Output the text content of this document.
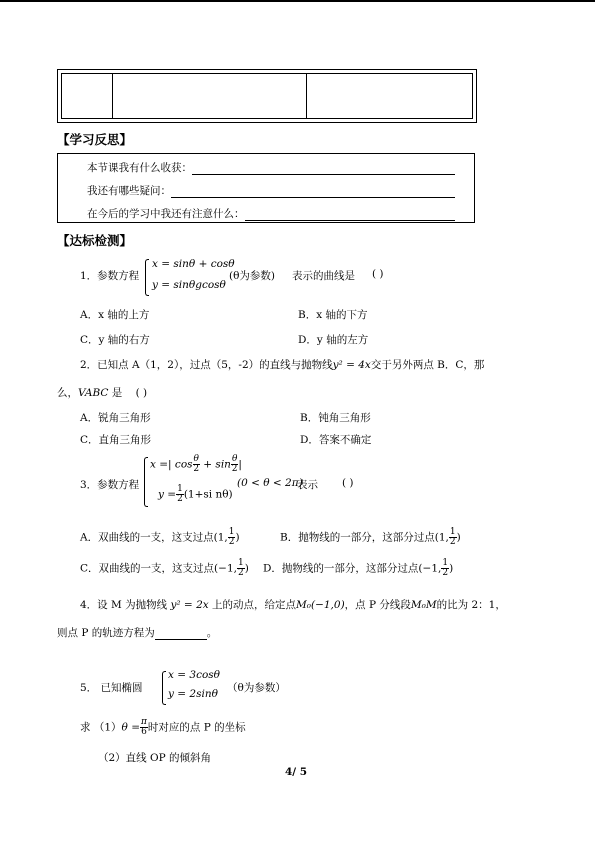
【学习反思】
本节课我有什么收获：
我还有哪些疑问：
在今后的学习中我还有注意什么：
【达标检测】
1．参数方程
x = sinθ + cosθ
y = sinθgcosθ
(θ为参数) 表示的曲线是 ( )
A．x 轴的上方	B．x 轴的下方
C．y 轴的右方	D．y 轴的左方
2．已知点 A（1，2），过点（5，-2）的直线与抛物线y² = 4x交于另外两点 B．C，那
么，VABC 是 ( )
A．锐角三角形	B．钝角三角形
C．直角三角形	D．答案不确定
3．参数方程
x =| $\cos \frac{\theta}{2} + \sin \frac{\theta}{2}$ |
$y = \frac{1}{2} (1+si$ nθ)
(0 < θ < 2π)
表示 ( )
A．双曲线的一支，这支过点(1, $\frac{1}{2}$ )	B．抛物线的一部分，这部分过点(1, $\frac{1}{2}$ )
C．双曲线的一支，这支过点(−1, $\frac{1}{2}$ ) D．抛物线的一部分，这部分过点(−1, $\frac{1}{2}$ )
4．设 M 为抛物线 y² = 2x 上的动点，给定点M₀(−1,0)，点 P 分线段M₀M的比为 2：1，
则点 P 的轨迹方程为	。
5． 已知椭圆
x = 3cosθ
y = 2sinθ （θ为参数）
求 $(1)\theta = \frac{\pi}{6}$ 时对应的点 P 的坐标
（2）直线 OP 的倾斜角
4/ 5
